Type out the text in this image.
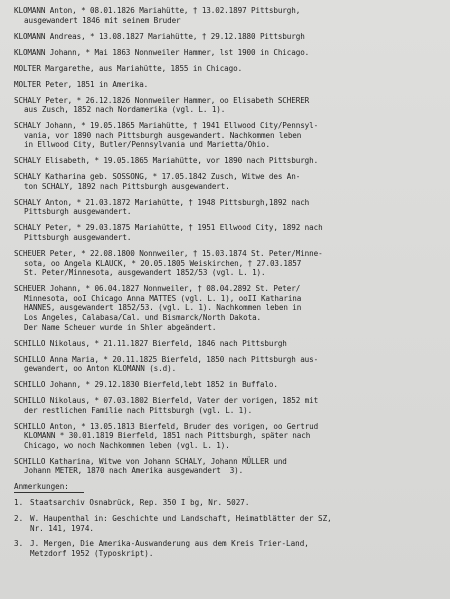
KLOMANN Anton, * 08.01.1826 Mariahütte, † 13.02.1897 Pittsburgh,
ausgewandert 1846 mit seinem Bruder
KLOMANN Andreas, * 13.08.1827 Mariahütte, † 29.12.1880 Pittsburgh
KLOMANN Johann, * Mai 1863 Nonnweiler Hammer, lst 1900 in Chicago.
MOLTER Margarethe, aus Mariahütte, 1855 in Chicago.
MOLTER Peter, 1851 in Amerika.
SCHALY Peter, * 26.12.1826 Nonnweiler Hammer, oo Elisabeth SCHERER
aus Zusch, 1852 nach Nordamerika (vgl. L. 1).
SCHALY Johann, * 19.05.1865 Mariahütte, † 1941 Ellwood City/Pennsyl-
vania, vor 1890 nach Pittsburgh ausgewandert. Nachkommen leben
in Ellwood City, Butler/Pennsylvania und Marietta/Ohio.
SCHALY Elisabeth, * 19.05.1865 Mariahütte, vor 1890 nach Pittsburgh.
SCHALY Katharina geb. SOSSONG, * 17.05.1842 Zusch, Witwe des An-
ton SCHALY, 1892 nach Pittsburgh ausgewandert.
SCHALY Anton, * 21.03.1872 Mariahütte, † 1948 Pittsburgh,1892 nach
Pittsburgh ausgewandert.
SCHALY Peter, * 29.03.1875 Mariahütte, † 1951 Ellwood City, 1892 nach
Pittsburgh ausgewandert.
SCHEUER Peter, * 22.08.1800 Nonnweiler, † 15.03.1874 St. Peter/Minne-
sota, oo Angela KLAUCK, * 20.05.1805 Weiskirchen, † 27.03.1857
St. Peter/Minnesota, ausgewandert 1852/53 (vgl. L. 1).
SCHEUER Johann, * 06.04.1827 Nonnweiler, † 08.04.2892 St. Peter/
Minnesota, ooI Chicago Anna MATTES (vgl. L. 1), ooII Katharina
HANNES, ausgewandert 1852/53. (vgl. L. 1). Nachkommen leben in
Los Angeles, Calabasa/Cal. und Bismarck/North Dakota.
Der Name Scheuer wurde in Shler abgeändert.
SCHILLO Nikolaus, * 21.11.1827 Bierfeld, 1846 nach Pittsburgh
SCHILLO Anna Maria, * 20.11.1825 Bierfeld, 1850 nach Pittsburgh aus-
gewandert, oo Anton KLOMANN (s.d).
SCHILLO Johann, * 29.12.1830 Bierfeld,lebt 1852 in Buffalo.
SCHILLO Nikolaus, * 07.03.1802 Bierfeld, Vater der vorigen, 1852 mit
der restlichen Familie nach Pittsburgh (vgl. L. 1).
SCHILLO Anton, * 13.05.1813 Bierfeld, Bruder des vorigen, oo Gertrud
KLOMANN * 30.01.1819 Bierfeld, 1851 nach Pittsburgh, später nach
Chicago, wo noch Nachkommen leben (vgl. L. 1).
SCHILLO Katharina, Witwe von Johann SCHALY, Johann MÜLLER und
Johann METER, 1870 nach Amerika ausgewandert  3).
Anmerkungen:
1. Staatsarchiv Osnabrück, Rep. 350 I bg, Nr. 5027.
2. W. Haupenthal in: Geschichte und Landschaft, Heimatblätter der SZ,
Nr. 141, 1974.
3. J. Mergen, Die Amerika-Auswanderung aus dem Kreis Trier-Land,
Metzdorf 1952 (Typoskript).
